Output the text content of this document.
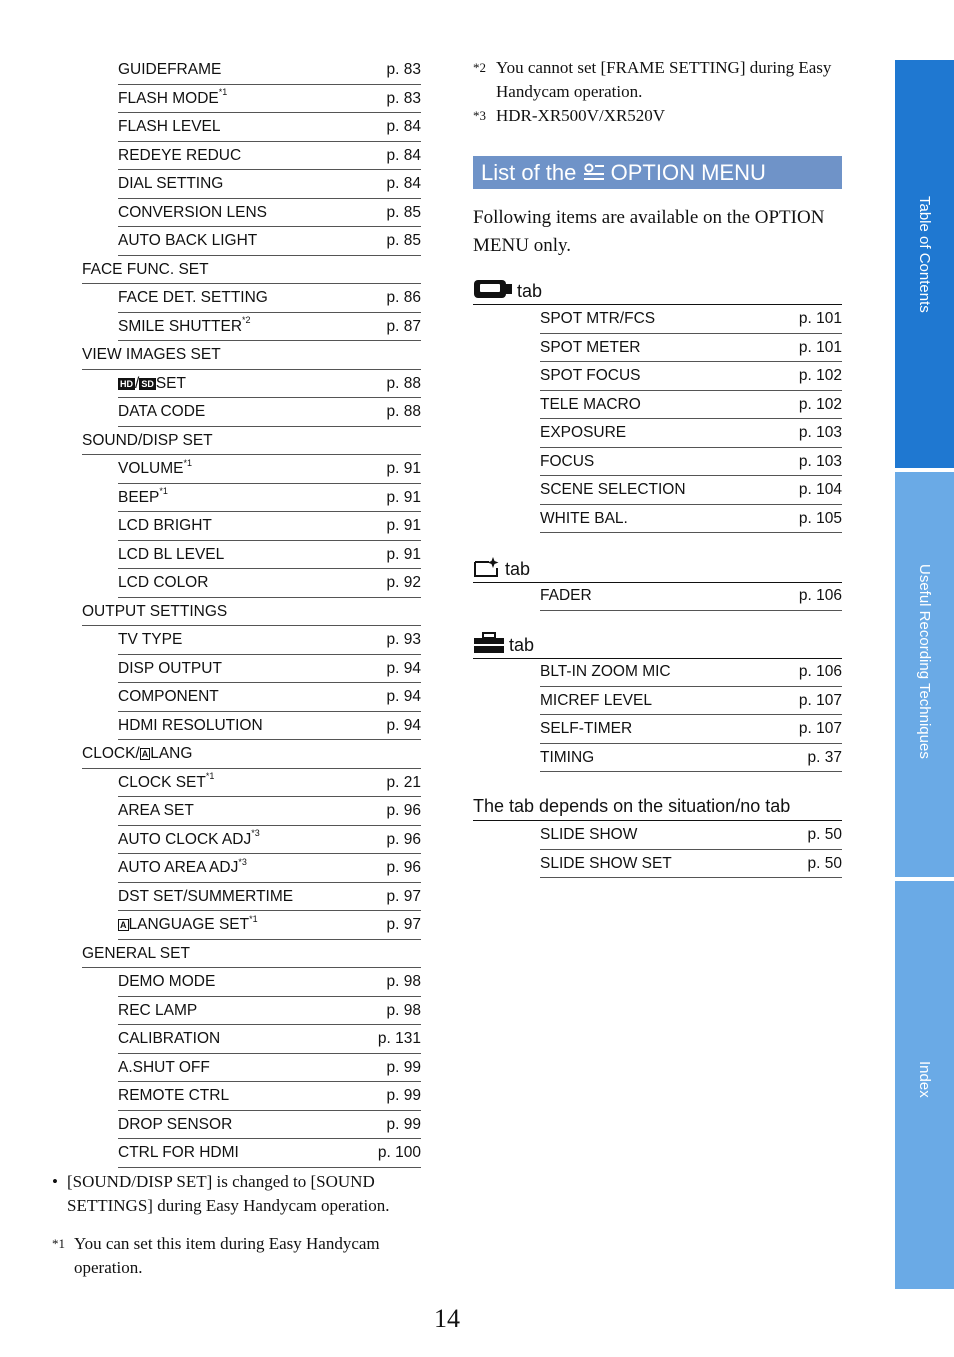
GUIDEFRAME	p. 83
FLASH MODE$^{*1}$	p. 83
FLASH LEVEL	p. 84
REDEYE REDUC	p. 84
DIAL SETTING	p. 84
CONVERSION LENS	p. 85
AUTO BACK LIGHT	p. 85
FACE FUNC. SET
FACE DET. SETTING	p. 86
SMILE SHUTTER$^{*2}$	p. 87
VIEW IMAGES SET
HD / SD SET	p. 88
DATA CODE	p. 88
SOUND/DISP SET
VOLUME$^{*1}$	p. 91
BEEP$^{*1}$	p. 91
LCD BRIGHT	p. 91
LCD BL LEVEL	p. 91
LCD COLOR	p. 92
OUTPUT SETTINGS
TV TYPE	p. 93
DISP OUTPUT	p. 94
COMPONENT	p. 94
HDMI RESOLUTION	p. 94
CLOCK/ A LANG
CLOCK SET$^{*1}$	p. 21
AREA SET	p. 96
AUTO CLOCK ADJ$^{*3}$	p. 96
AUTO AREA ADJ$^{*3}$	p. 96
DST SET/SUMMERTIME	p. 97
A LANGUAGE SET$^{*1}$	p. 97
GENERAL SET
DEMO MODE	p. 98
REC LAMP	p. 98
CALIBRATION	p. 131
A.SHUT OFF	p. 99
REMOTE CTRL	p. 99
DROP SENSOR	p. 99
CTRL FOR HDMI	p. 100
• [SOUND/DISP SET] is changed to [SOUND SETTINGS] during Easy Handycam operation.
*1 You can set this item during Easy Handycam operation.
*2 You cannot set [FRAME SETTING] during Easy Handycam operation.
*3 HDR-XR500V/XR520V
List of the OPTION MENU
Following items are available on the OPTION MENU only.
tab
SPOT MTR/FCS	p. 101
SPOT METER	p. 101
SPOT FOCUS	p. 102
TELE MACRO	p. 102
EXPOSURE	p. 103
FOCUS	p. 103
SCENE SELECTION	p. 104
WHITE BAL.	p. 105
tab
FADER	p. 106
tab
BLT-IN ZOOM MIC	p. 106
MICREF LEVEL	p. 107
SELF-TIMER	p. 107
TIMING	p. 37
The tab depends on the situation/no tab
SLIDE SHOW	p. 50
SLIDE SHOW SET	p. 50
Table of Contents
Useful Recording Techniques
Index
14
